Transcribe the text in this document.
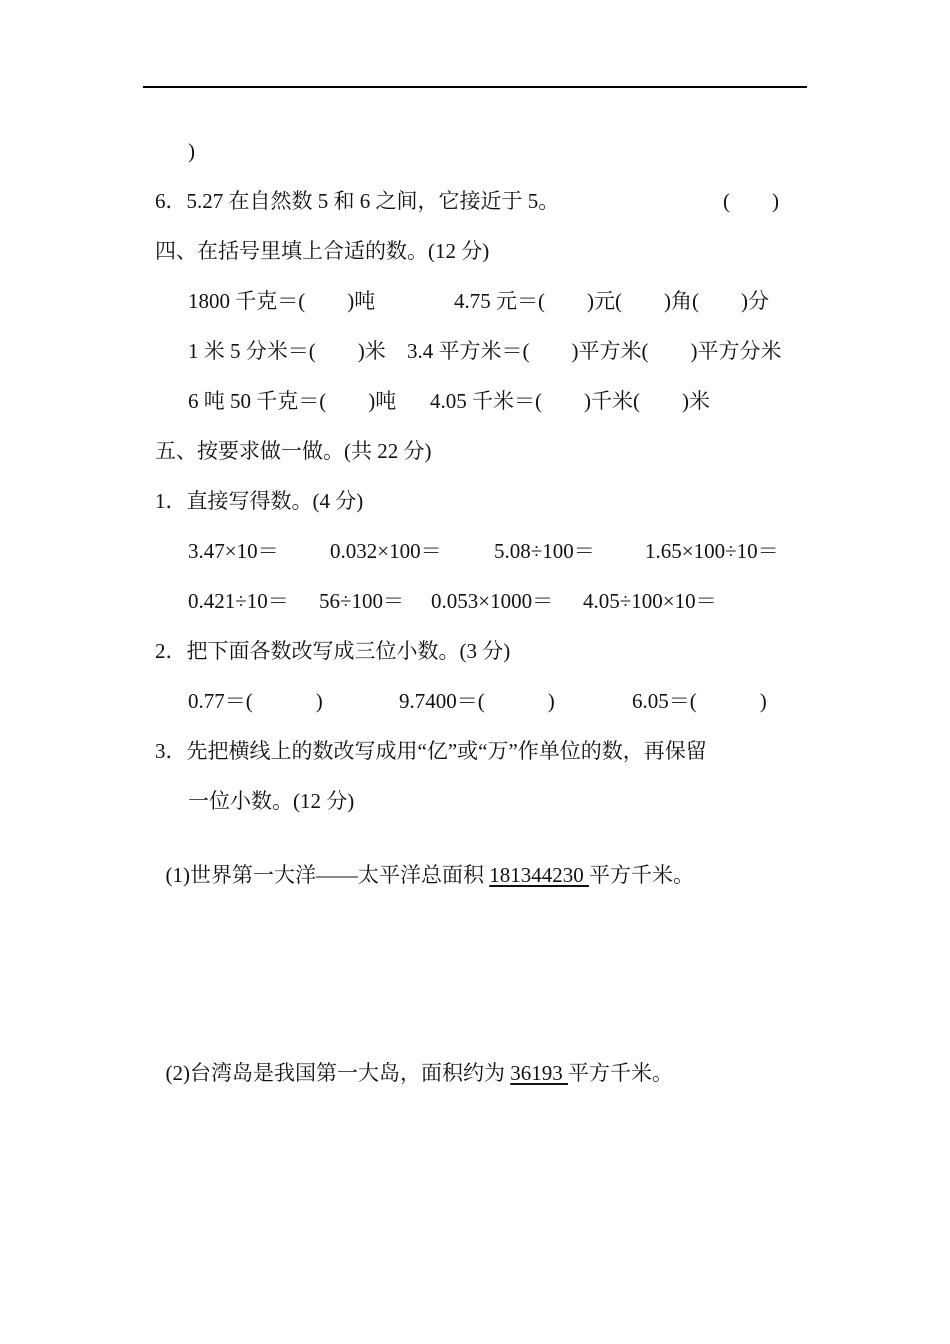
)
6．5.27 在自然数 5 和 6 之间，它接近于 5。	(　　)
四、在括号里填上合适的数。(12 分)
1800 千克＝(　　)吨	4.75 元＝(　　)元(　　)角(　　)分
1 米 5 分米＝(　　)米 3.4 平方米＝(　　)平方米(　　)平方分米
6 吨 50 千克＝(　　)吨 4.05 千米＝(　　)千米(　　)米
五、按要求做一做。(共 22 分)
1．直接写得数。(4 分)
3.47×10＝ 0.032×100＝ 5.08÷100＝ 1.65×100÷10＝
0.421÷10＝ 56÷100＝ 0.053×1000＝ 4.05÷100×10＝
2．把下面各数改写成三位小数。(3 分)
0.77＝(　　　)	9.7400＝(　　　)	6.05＝(　　　)
3．先把横线上的数改写成用“亿”或“万”作单位的数，再保留
一位小数。(12 分)

(1)世界第一大洋——太平洋总面积 181344230 平方千米。

(2)台湾岛是我国第一大岛，面积约为 36193 平方千米。
